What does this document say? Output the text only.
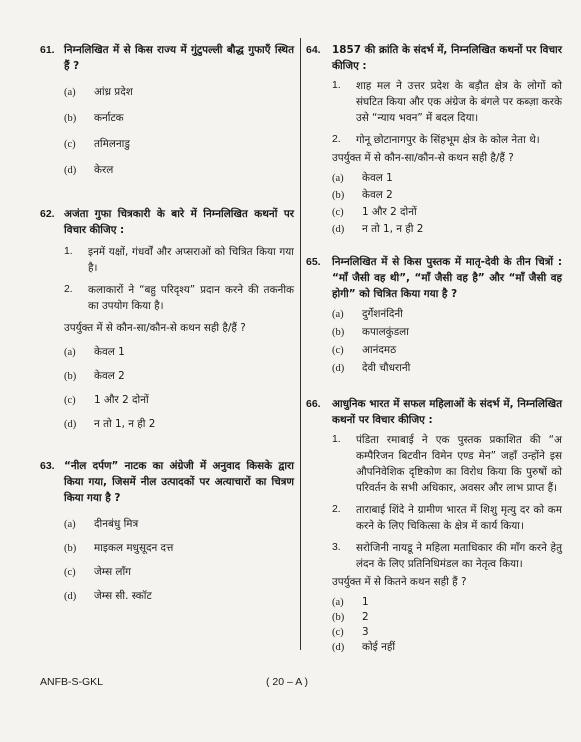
61. निम्नलिखित में से किस राज्य में गुंटुपल्ली बौद्ध गुफाएँ स्थित हैं ?
(a)	आंध्र प्रदेश
(b)	कर्नाटक
(c)	तमिलनाडु
(d)	केरल
62. अजंता गुफा चित्रकारी के बारे में निम्नलिखित कथनों पर विचार कीजिए :
1.	इनमें यक्षों, गंधर्वों और अप्सराओं को चित्रित किया गया है।
2.	कलाकारों ने “बहु परिदृश्य” प्रदान करने की तकनीक का उपयोग किया है।
उपर्युक्त में से कौन-सा/कौन-से कथन सही है/हैं ?
(a)	केवल 1
(b)	केवल 2
(c)	1 और 2 दोनों
(d)	न तो 1, न ही 2
63. “नील दर्पण” नाटक का अंग्रेजी में अनुवाद किसके द्वारा किया गया, जिसमें नील उत्पादकों पर अत्याचारों का चित्रण किया गया है ?
(a)	दीनबंधु मित्र
(b)	माइकल मधुसूदन दत्त
(c)	जेम्स लाँग
(d)	जेम्स सी. स्कॉट
64. 1857 की क्रांति के संदर्भ में, निम्नलिखित कथनों पर विचार कीजिए :
1.	शाह मल ने उत्तर प्रदेश के बड़ौत क्षेत्र के लोगों को संघटित किया और एक अंग्रेज के बंगले पर कब्ज़ा करके उसे “न्याय भवन” में बदल दिया।
2.	गोनू छोटानागपुर के सिंहभूम क्षेत्र के कोल नेता थे।
उपर्युक्त में से कौन-सा/कौन-से कथन सही है/हैं ?
(a)	केवल 1
(b)	केवल 2
(c)	1 और 2 दोनों
(d)	न तो 1, न ही 2
65. निम्नलिखित में से किस पुस्तक में मातृ-देवी के तीन चित्रों : “माँ जैसी वह थी”, “माँ जैसी वह है” और “माँ जैसी वह होगी” को चित्रित किया गया है ?
(a)	दुर्गेशनंदिनी
(b)	कपालकुंडला
(c)	आनंदमठ
(d)	देवी चौधरानी
66. आधुनिक भारत में सफल महिलाओं के संदर्भ में, निम्नलिखित कथनों पर विचार कीजिए :
1.	पंडिता रमाबाई ने एक पुस्तक प्रकाशित की “अ कम्पैरिजन बिटवीन विमेन एण्ड मेन” जहाँ उन्होंने इस औपनिवेशिक दृष्टिकोण का विरोध किया कि पुरुषों को परिवर्तन के सभी अधिकार, अवसर और लाभ प्राप्त हैं।
2.	ताराबाई शिंदे ने ग्रामीण भारत में शिशु मृत्यु दर को कम करने के लिए चिकित्सा के क्षेत्र में कार्य किया।
3.	सरोजिनी नायडू ने महिला मताधिकार की माँग करने हेतु लंदन के लिए प्रतिनिधिमंडल का नेतृत्व किया।
उपर्युक्त में से कितने कथन सही हैं ?
(a)	1
(b)	2
(c)	3
(d)	कोई नहीं
ANFB-S-GKL	( 20 – A )
